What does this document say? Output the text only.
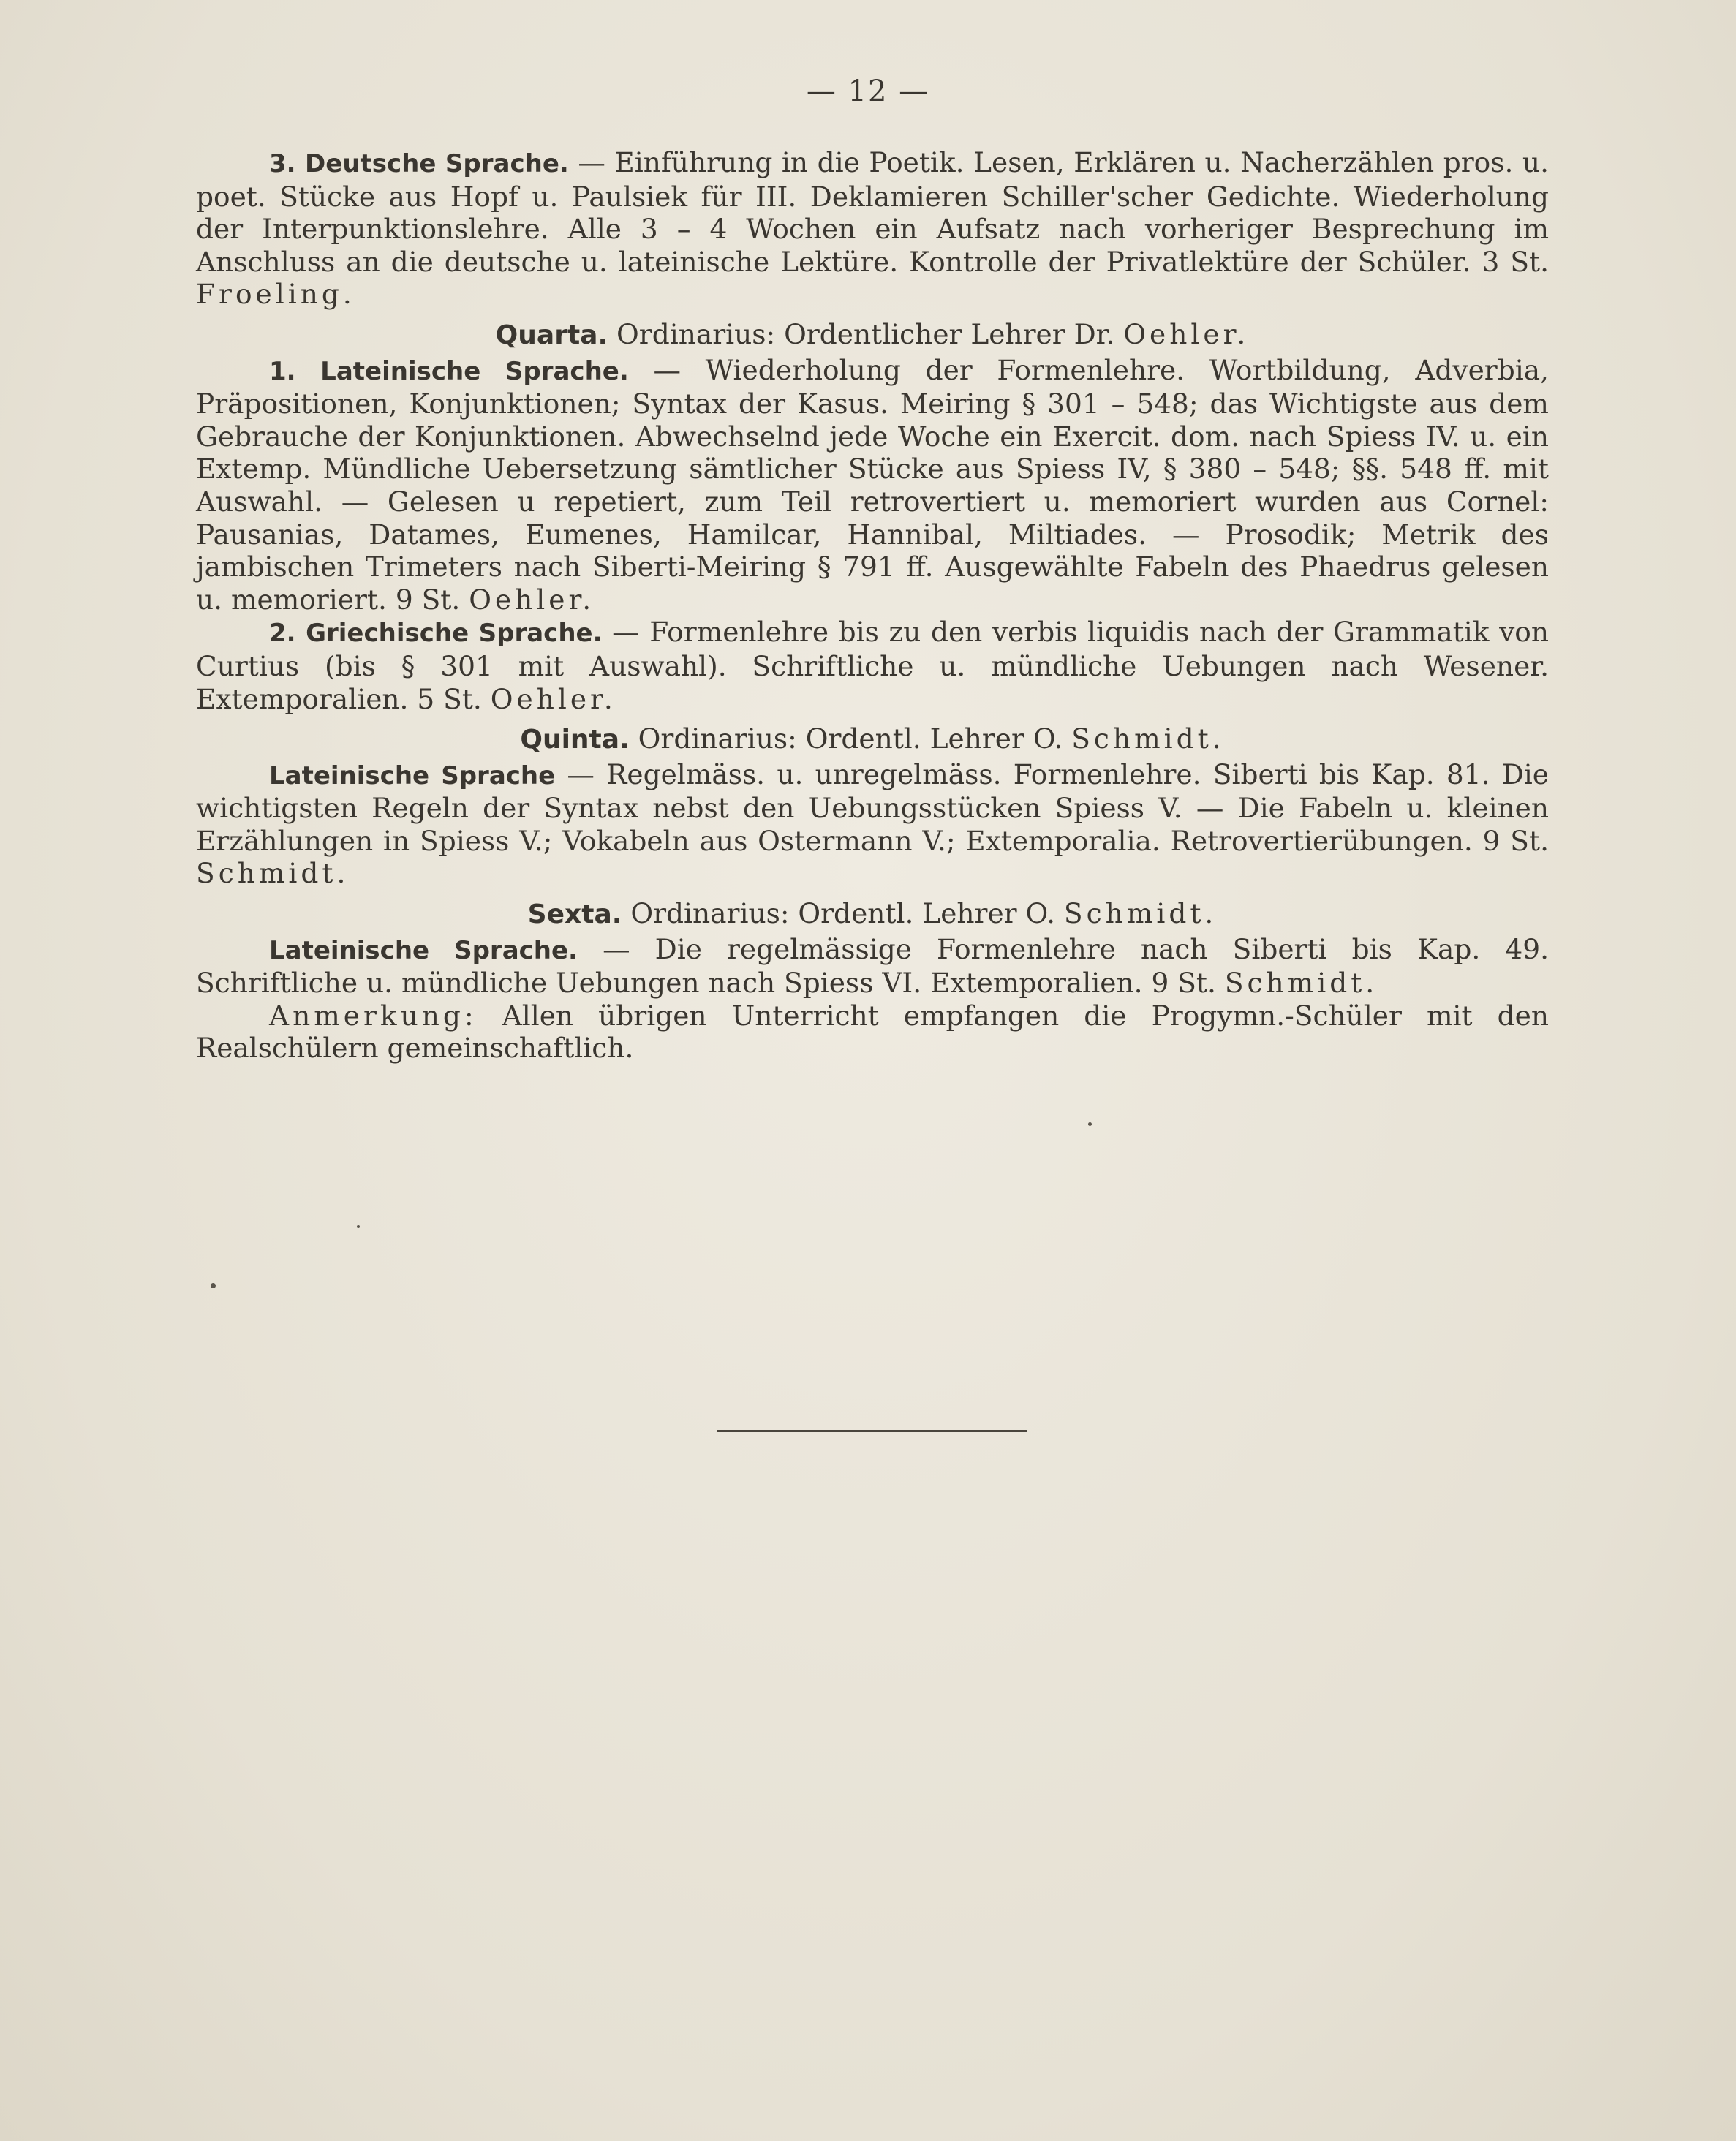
— 12 —

3. Deutsche Sprache. — Einführung in die Poetik. Lesen, Erklären u. Nacherzählen pros. u. poet. Stücke aus Hopf u. Paulsiek für III. Deklamieren Schiller'scher Gedichte. Wiederholung der Interpunktionslehre. Alle 3 – 4 Wochen ein Aufsatz nach vorheriger Besprechung im Anschluss an die deutsche u. lateinische Lektüre. Kontrolle der Privatlektüre der Schüler. 3 St. Froeling.

Quarta. Ordinarius: Ordentlicher Lehrer Dr. Oehler.

1. Lateinische Sprache. — Wiederholung der Formenlehre. Wortbildung, Adverbia, Präpositionen, Konjunktionen; Syntax der Kasus. Meiring § 301 – 548; das Wichtigste aus dem Gebrauche der Konjunktionen. Abwechselnd jede Woche ein Exercit. dom. nach Spiess IV. u. ein Extemp. Mündliche Uebersetzung sämtlicher Stücke aus Spiess IV, § 380 – 548; §§. 548 ff. mit Auswahl. — Gelesen u repetiert, zum Teil retrovertiert u. memoriert wurden aus Cornel: Pausanias, Datames, Eumenes, Hamilcar, Hannibal, Miltiades. — Prosodik; Metrik des jambischen Trimeters nach Siberti-Meiring § 791 ff. Ausgewählte Fabeln des Phaedrus gelesen u. memoriert. 9 St. Oehler.

2. Griechische Sprache. — Formenlehre bis zu den verbis liquidis nach der Grammatik von Curtius (bis § 301 mit Auswahl). Schriftliche u. mündliche Uebungen nach Wesener. Extemporalien. 5 St. Oehler.

Quinta. Ordinarius: Ordentl. Lehrer O. Schmidt.

Lateinische Sprache — Regelmäss. u. unregelmäss. Formenlehre. Siberti bis Kap. 81. Die wichtigsten Regeln der Syntax nebst den Uebungsstücken Spiess V. — Die Fabeln u. kleinen Erzählungen in Spiess V.; Vokabeln aus Ostermann V.; Extemporalia. Retrovertierübungen. 9 St. Schmidt.

Sexta. Ordinarius: Ordentl. Lehrer O. Schmidt.

Lateinische Sprache. — Die regelmässige Formenlehre nach Siberti bis Kap. 49. Schriftliche u. mündliche Uebungen nach Spiess VI. Extemporalien. 9 St. Schmidt.

Anmerkung: Allen übrigen Unterricht empfangen die Progymn.-Schüler mit den Realschülern gemeinschaftlich.
